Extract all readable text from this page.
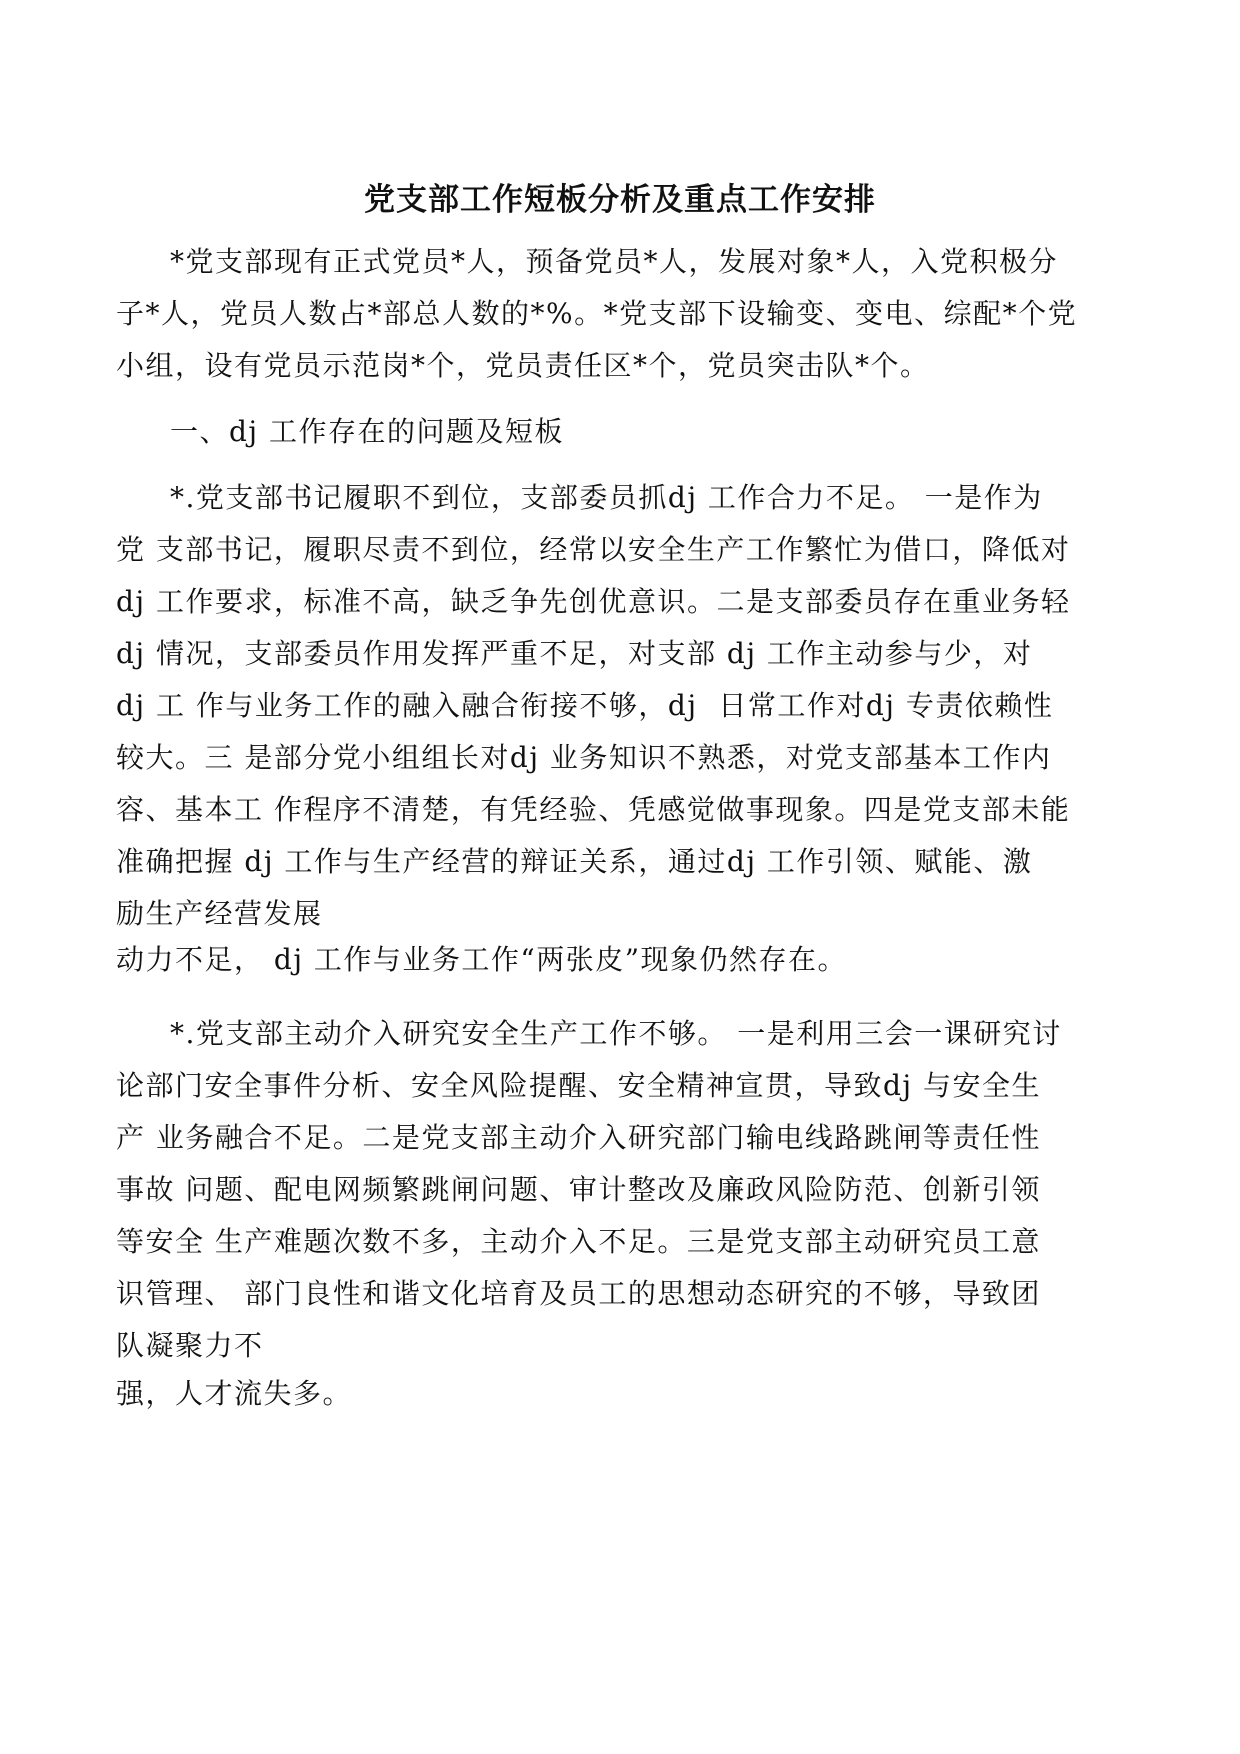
党支部工作短板分析及重点工作安排
*党支部现有正式党员*人，预备党员*人，发展对象*人，入党积极分
子*人，党员人数占*部总人数的*%。*党支部下设输变、变电、综配*个党
小组，设有党员示范岗*个，党员责任区*个，党员突击队*个。
一、dj 工作存在的问题及短板
*.党支部书记履职不到位，支部委员抓dj 工作合力不足。 一是作为
党 支部书记，履职尽责不到位，经常以安全生产工作繁忙为借口，降低对
dj 工作要求，标准不高，缺乏争先创优意识。二是支部委员存在重业务轻
dj 情况，支部委员作用发挥严重不足，对支部 dj 工作主动参与少，对
dj 工 作与业务工作的融入融合衔接不够，dj  日常工作对dj 专责依赖性
较大。三 是部分党小组组长对dj 业务知识不熟悉，对党支部基本工作内
容、基本工 作程序不清楚，有凭经验、凭感觉做事现象。四是党支部未能
准确把握 dj 工作与生产经营的辩证关系，通过dj 工作引领、赋能、激
励生产经营发展
动力不足， dj 工作与业务工作“两张皮”现象仍然存在。
*.党支部主动介入研究安全生产工作不够。 一是利用三会一课研究讨
论部门安全事件分析、安全风险提醒、安全精神宣贯，导致dj 与安全生
产 业务融合不足。二是党支部主动介入研究部门输电线路跳闸等责任性
事故 问题、配电网频繁跳闸问题、审计整改及廉政风险防范、创新引领
等安全 生产难题次数不多，主动介入不足。三是党支部主动研究员工意
识管理、 部门良性和谐文化培育及员工的思想动态研究的不够，导致团
队凝聚力不
强，人才流失多。
